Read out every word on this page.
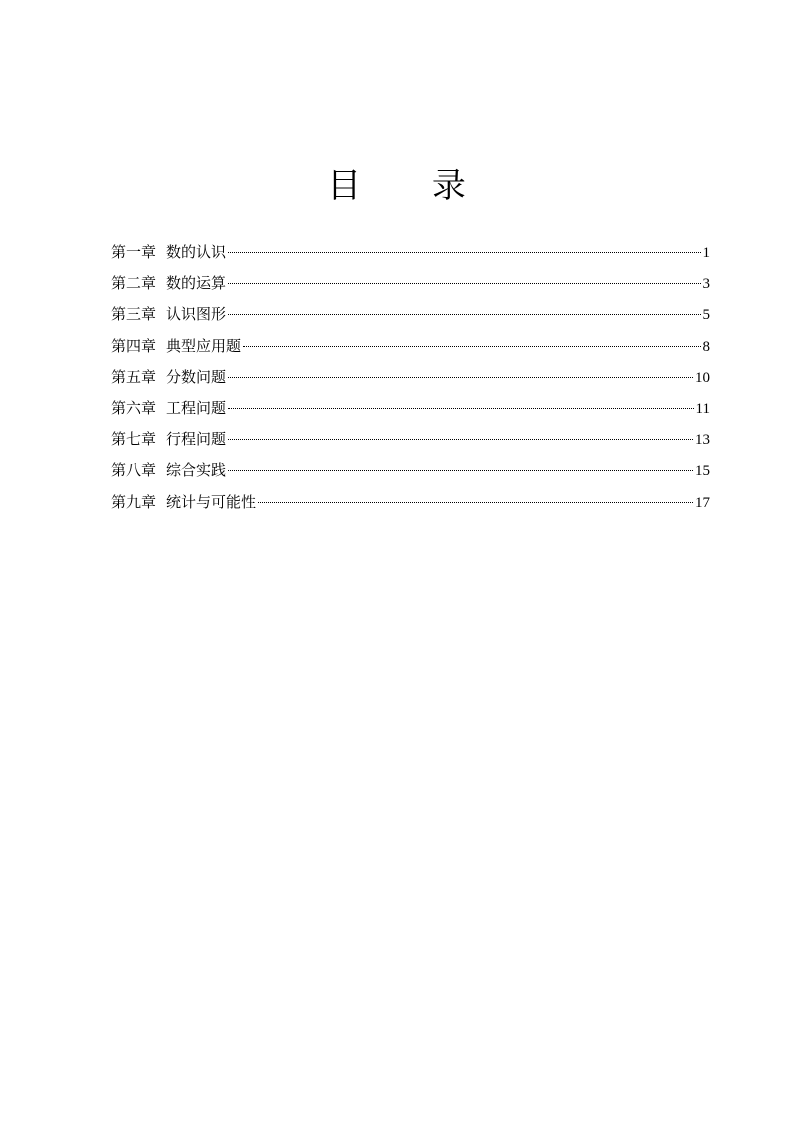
目 录
第一章 数的认识	1
第二章 数的运算	3
第三章 认识图形	5
第四章 典型应用题	8
第五章 分数问题	10
第六章 工程问题	11
第七章 行程问题	13
第八章 综合实践	15
第九章 统计与可能性	17
